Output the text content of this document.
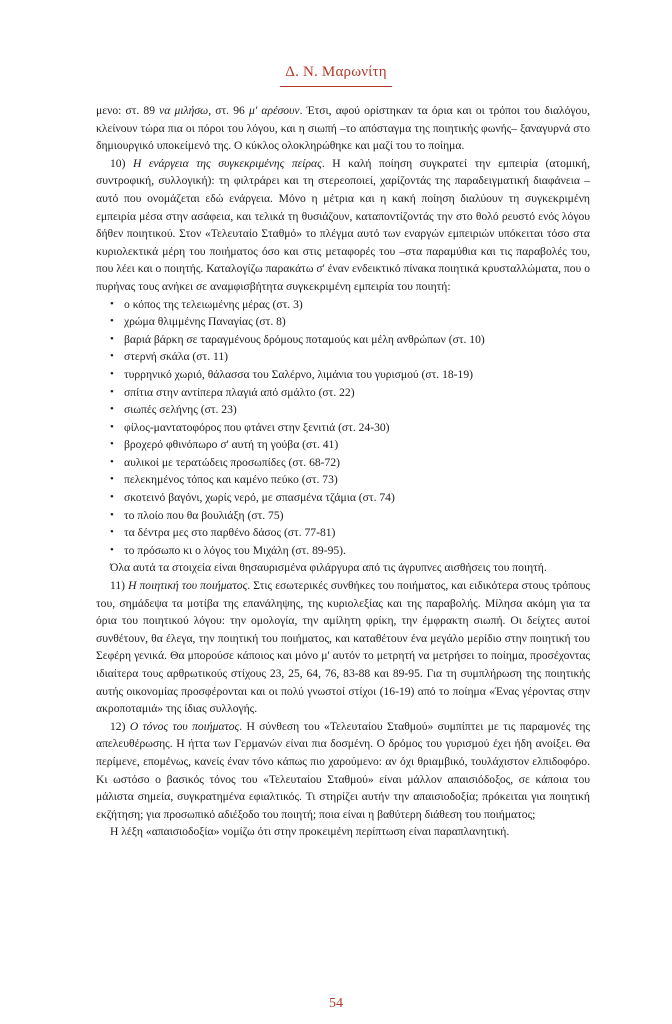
Δ. Ν. Μαρωνίτη

μενο: στ. 89 να μιλήσω, στ. 96 μ' αρέσουν. Έτσι, αφού ορίστηκαν τα όρια και οι τρόποι του διαλόγου, κλείνουν τώρα πια οι πόροι του λόγου, και η σιωπή –το απόσταγμα της ποιητικής φωνής– ξαναγυρνά στο δημιουργικό υποκείμενό της. Ο κύκλος ολοκληρώθηκε και μαζί του το ποίημα.

10) Η ενάργεια της συγκεκριμένης πείρας. Η καλή ποίηση συγκρατεί την εμπειρία (ατομική, συντροφική, συλλογική): τη φιλτράρει και τη στερεοποιεί, χαρίζοντάς της παραδειγματική διαφάνεια –αυτό που ονομάζεται εδώ ενάργεια. Μόνο η μέτρια και η κακή ποίηση διαλύουν τη συγκεκριμένη εμπειρία μέσα στην ασάφεια, και τελικά τη θυσιάζουν, καταποντίζοντάς την στο θολό ρευστό ενός λόγου δήθεν ποιητικού. Στον «Τελευταίο Σταθμό» το πλέγμα αυτό των εναργών εμπειριών υπόκειται τόσο στα κυριολεκτικά μέρη του ποιήματος όσο και στις μεταφορές του –στα παραμύθια και τις παραβολές του, που λέει και ο ποιητής. Καταλογίζω παρακάτω σ' έναν ενδεικτικό πίνακα ποιητικά κρυσταλλώματα, που ο πυρήνας τους ανήκει σε αναμφισβήτητα συγκεκριμένη εμπειρία του ποιητή:

• ο κόπος της τελειωμένης μέρας (στ. 3)
• χρώμα θλιμμένης Παναγίας (στ. 8)
• βαριά βάρκη σε ταραγμένους δρόμους ποταμούς και μέλη ανθρώπων (στ. 10)
• στερνή σκάλα (στ. 11)
• τυρρηνικό χωριό, θάλασσα του Σαλέρνο, λιμάνια του γυρισμού (στ. 18-19)
• σπίτια στην αντίπερα πλαγιά από σμάλτο (στ. 22)
• σιωπές σελήνης (στ. 23)
• φίλος-μαντατοφόρος που φτάνει στην ξενιτιά (στ. 24-30)
• βροχερό φθινόπωρο σ' αυτή τη γούβα (στ. 41)
• αυλικοί με τερατώδεις προσωπίδες (στ. 68-72)
• πελεκημένος τόπος και καμένο πεύκο (στ. 73)
• σκοτεινό βαγόνι, χωρίς νερό, με σπασμένα τζάμια (στ. 74)
• το πλοίο που θα βουλιάξη (στ. 75)
• τα δέντρα μες στο παρθένο δάσος (στ. 77-81)
• το πρόσωπο κι ο λόγος του Μιχάλη (στ. 89-95).

Όλα αυτά τα στοιχεία είναι θησαυρισμένα φιλάργυρα από τις άγρυπνες αισθήσεις του ποιητή.

11) Η ποιητική του ποιήματος. Στις εσωτερικές συνθήκες του ποιήματος, και ειδικότερα στους τρόπους του, σημάδεψα τα μοτίβα της επανάληψης, της κυριολεξίας και της παραβολής. Μίλησα ακόμη για τα όρια του ποιητικού λόγου: την ομολογία, την αμίλητη φρίκη, την έμφρακτη σιωπή. Οι δείχτες αυτοί συνθέτουν, θα έλεγα, την ποιητική του ποιήματος, και καταθέτουν ένα μεγάλο μερίδιο στην ποιητική του Σεφέρη γενικά. Θα μπορούσε κάποιος και μόνο μ' αυτόν το μετρητή να μετρήσει το ποίημα, προσέχοντας ιδιαίτερα τους αρθρωτικούς στίχους 23, 25, 64, 76, 83-88 και 89-95. Για τη συμπλήρωση της ποιητικής αυτής οικονομίας προσφέρονται και οι πολύ γνωστοί στίχοι (16-19) από το ποίημα «Ένας γέροντας στην ακροποταμιά» της ίδιας συλλογής.

12) Ο τόνος του ποιήματος. Η σύνθεση του «Τελευταίου Σταθμού» συμπίπτει με τις παραμονές της απελευθέρωσης. Η ήττα των Γερμανών είναι πια δοσμένη. Ο δρόμος του γυρισμού έχει ήδη ανοίξει. Θα περίμενε, επομένως, κανείς έναν τόνο κάπως πιο χαρούμενο: αν όχι θριαμβικό, τουλάχιστον ελπιδοφόρο. Κι ωστόσο ο βασικός τόνος του «Τελευταίου Σταθμού» είναι μάλλον απαισιόδοξος, σε κάποια του μάλιστα σημεία, συγκρατημένα εφιαλτικός. Τι στηρίζει αυτήν την απαισιοδοξία; πρόκειται για ποιητική εκζήτηση; για προσωπικό αδιέξοδο του ποιητή; ποια είναι η βαθύτερη διάθεση του ποιήματος;

Η λέξη «απαισιοδοξία» νομίζω ότι στην προκειμένη περίπτωση είναι παραπλανητική.

54
